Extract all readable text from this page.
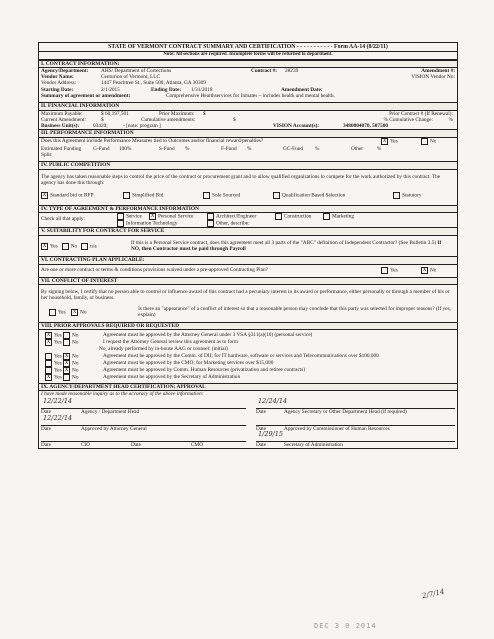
STATE OF VERMONT CONTRACT SUMMARY AND CERTIFICATION - - - - - - - - - - - Form AA-14 (8/22/11)
Note: All sections are required. Incomplete forms will be returned to department.
I. CONTRACT INFORMATION:
Agency/Department:	AHS/ Department of Corrections	Contract #:	28239	Amendment #:
Vendor Name:	Centurion of Vermont, LLC	VISION Vendor No:
Vendor Address:	1447 Peachtree St., Suite 500, Atlanta, GA 30309
Starting Date:	2/1/2015	Ending Date:	1/31/2018	Amendment Date:
Summary of agreement or amendment:	Comprehensive Healthservices for Inmates – includes health and mental health.
II. FINANCIAL INFORMATION
Maximum Payable:	$ 60,197,501	Prior Maximum:	$	Prior Contract # (If Renewal):
Current Amendment:	$	Cumulative amendments:	$	% Cumulative Change:	%
Business Unit(s):	03420;	- [note: program ]	VISION Account(s):	3480004070, 507500
III. PERFORMANCE INFORMATION
Does this Agreement include Performance Measures tied to Outcomes and/or financial reward/penalties?	X Yes	No
Estimated Funding Split:
G-Fund	100%	S-Fund	%	F-Fund	%	GC-Fund	%	Other	%
IV. PUBLIC COMPETITION
The agency has taken reasonable steps to control the price of the contract or procurement grant and to allow qualified organizations to compete for the work authorized by this contract. The agency has done this through:
X Standard bid or RFP	Simplified Bid	Sole Sourced	Qualification Based Selection	Statutory
IV. TYPE OF AGREEMENT & PERFORMANCE INFORMATION
Check all that apply:	Service	X Personal Service	Architect/Engineer	Construction	Marketing
Information Technology	Other, describe:
V. SUITABILITY FOR CONTRACT FOR SERVICE
X Yes No n/a
If this is a Personal Service contract, does this agreement meet all 3 parts of the "ABC" definition of Independent Contractor? (See Bulletin 3.5) If NO, then Contractor must be paid through Payroll
VI. CONTRACTING PLAN APPLICABLE:
Are one or more contract or terms & conditions provisions waived under a pre-approved Contracting Plan?	Yes	X No
VII. CONFLICT OF INTEREST
By signing below, I certify that no person able to control or influence award of this contract had a pecuniary interest in its award or performance, either personally or through a member of his or her household, family, or business.
Yes X No
Is there an "appearance" of a conflict of interest so that a reasonable person may conclude that this party was selected for improper reasons? (If yes, explain)
VIII. PRIOR APPROVALS REQUIRED OR REQUESTED
X Yes No	Agreement must be approved by the Attorney General under 3 VSA §311(a)(10) (personal service)
X Yes No	I request the Attorney General review this agreement as to form
No, already performed by in-house AAG or counsel: (initial)
Yes X No	Agreement must be approved by the Comm. of DII; for IT hardware, software or services and Telecommunications over $100,000
Yes X No	Agreement must be approved by the CMO; for Marketing services over $15,000
Yes X No	Agreement must be approved by Comm. Human Resources (privatization and retiree contracts)
X Yes No	Agreement must be approved by the Secretary of Administration
IX. AGENCY/DEPARTMENT HEAD CERTIFICATION; APPROVAL
I have made reasonable inquiry as to the accuracy of the above information:
12/22/14
Date	Agency / Department Head
12/22/14
Date	Approved by Attorney General
Date	CIO	Date	CMO
12/24/14
Date	Agency Secretary or Other Department Head (if required)
Date	Approved by Commissioner of Human Resources
1/29/15
Date	Secretary of Administration
DEC 3 0 2014
2/7/14
